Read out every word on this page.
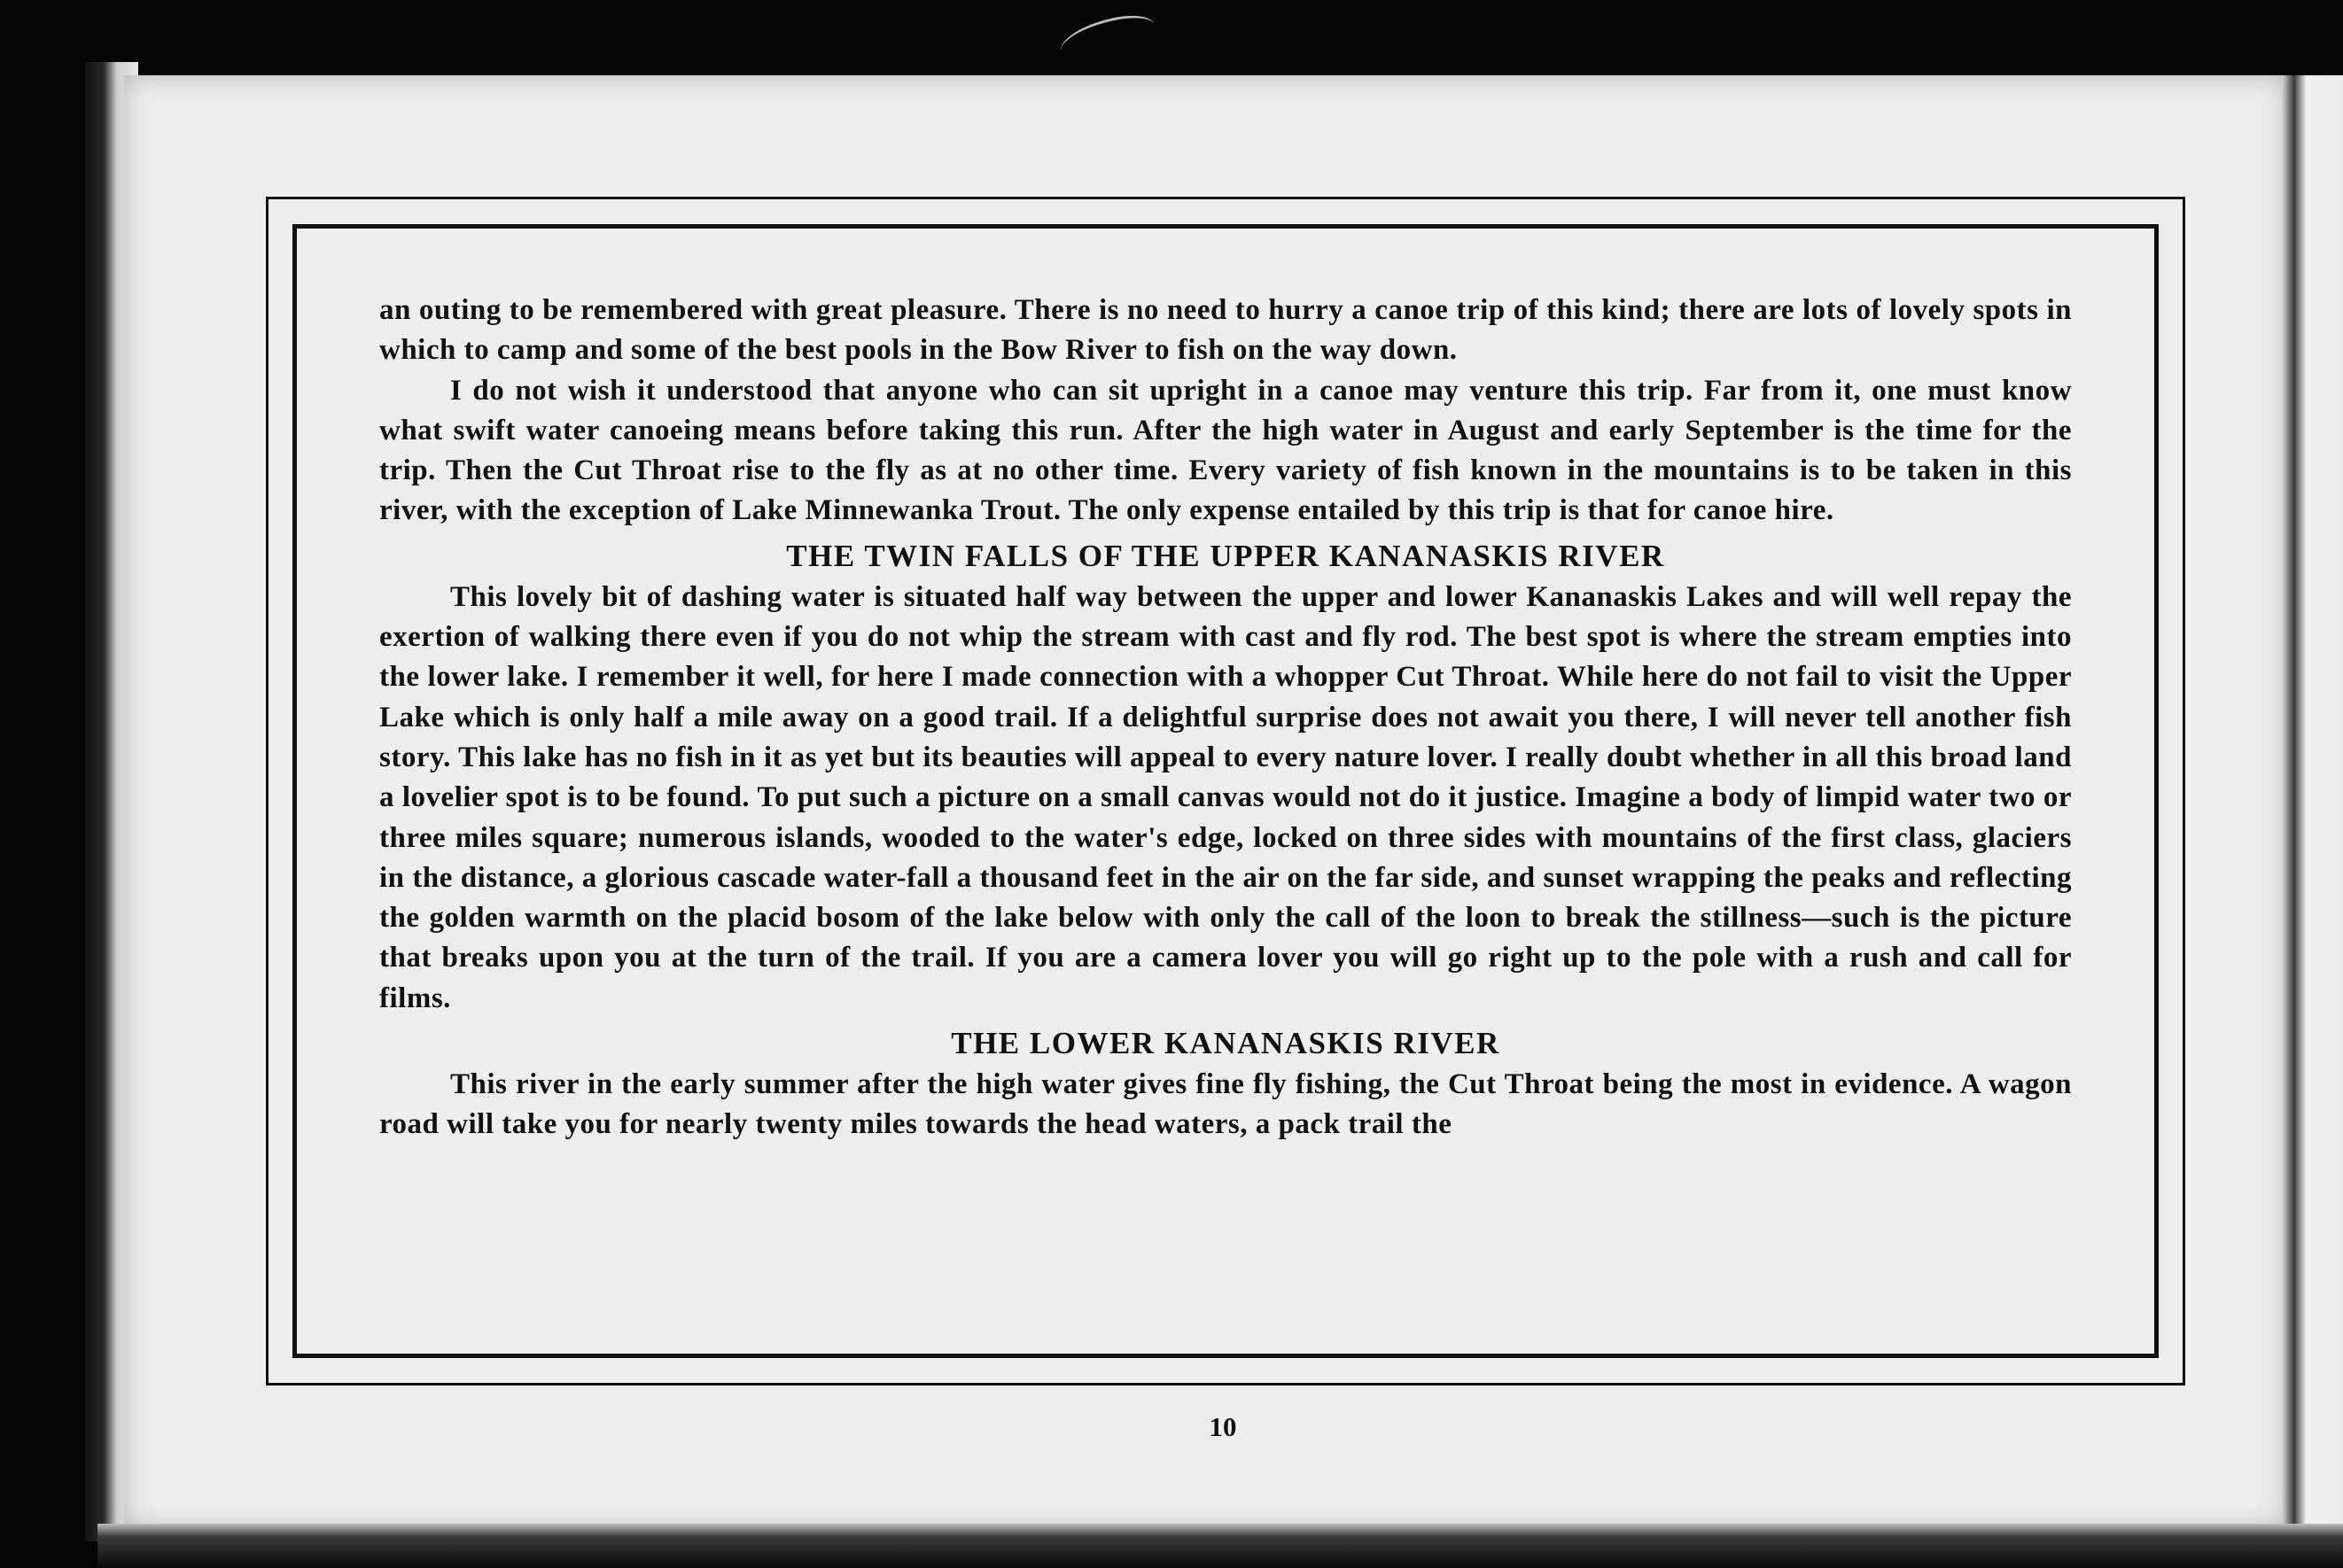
an outing to be remembered with great pleasure. There is no need to hurry a canoe trip of this kind; there are lots of lovely spots in which to camp and some of the best pools in the Bow River to fish on the way down.

I do not wish it understood that anyone who can sit upright in a canoe may venture this trip. Far from it, one must know what swift water canoeing means before taking this run. After the high water in August and early September is the time for the trip. Then the Cut Throat rise to the fly as at no other time. Every variety of fish known in the mountains is to be taken in this river, with the exception of Lake Minnewanka Trout. The only expense entailed by this trip is that for canoe hire.

THE TWIN FALLS OF THE UPPER KANANASKIS RIVER

This lovely bit of dashing water is situated half way between the upper and lower Kananaskis Lakes and will well repay the exertion of walking there even if you do not whip the stream with cast and fly rod. The best spot is where the stream empties into the lower lake. I remember it well, for here I made connection with a whopper Cut Throat. While here do not fail to visit the Upper Lake which is only half a mile away on a good trail. If a delightful surprise does not await you there, I will never tell another fish story. This lake has no fish in it as yet but its beauties will appeal to every nature lover. I really doubt whether in all this broad land a lovelier spot is to be found. To put such a picture on a small canvas would not do it justice. Imagine a body of limpid water two or three miles square; numerous islands, wooded to the water's edge, locked on three sides with mountains of the first class, glaciers in the distance, a glorious cascade water-fall a thousand feet in the air on the far side, and sunset wrapping the peaks and reflecting the golden warmth on the placid bosom of the lake below with only the call of the loon to break the stillness—such is the picture that breaks upon you at the turn of the trail. If you are a camera lover you will go right up to the pole with a rush and call for films.

THE LOWER KANANASKIS RIVER

This river in the early summer after the high water gives fine fly fishing, the Cut Throat being the most in evidence. A wagon road will take you for nearly twenty miles towards the head waters, a pack trail the

10
